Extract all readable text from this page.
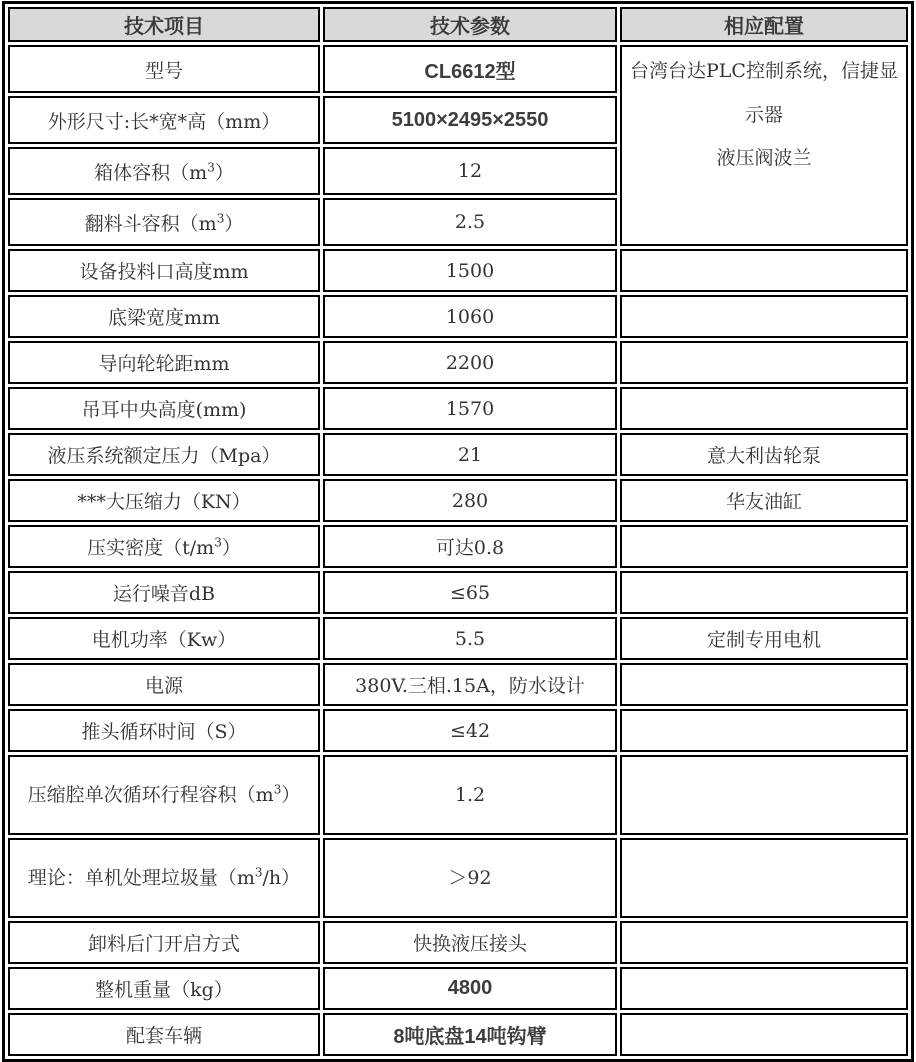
技术项目	技术参数	相应配置
型号	CL6612型	台湾台达PLC控制系统，信捷显示器
液压阀波兰

外形尺寸:长*宽*高（mm）	5100×2495×2550	
箱体容积$(m^3)$	12	
翻料斗容积$(m^3)$	2.5	
设备投料口高度mm	1500	
底梁宽度mm	1060	
导向轮轮距mm	2200	
吊耳中央高度(mm)	1570	
液压系统额定压力（Mpa）	21	意大利齿轮泵
***大压缩力（KN）	280	华友油缸
压实密度$(t/m^3)$	可达0.8	
运行噪音dB	≤65	
电机功率（Kw）	5.5	定制专用电机
电源	380V.三相.15A，防水设计	
推头循环时间（S）	≤42	
压缩腔单次循环行程容积$(m^3)$	1.2	
理论：单机处理垃圾量$(m^3/h)$	＞92	
卸料后门开启方式	快换液压接头	
整机重量（kg）	4800	
配套车辆	8吨底盘14吨钩臂	
